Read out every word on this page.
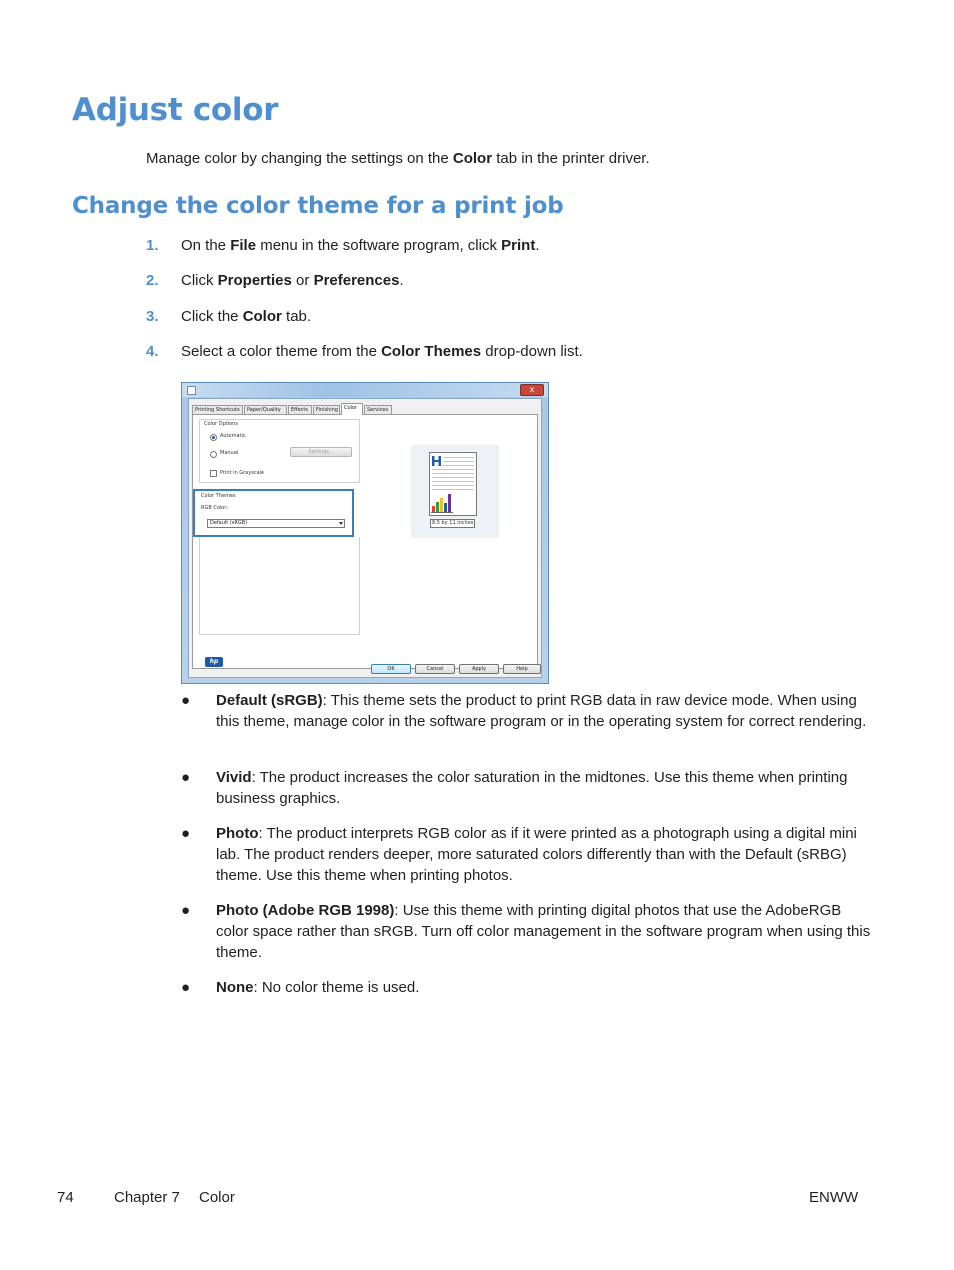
Adjust color

Manage color by changing the settings on the Color tab in the printer driver.

Change the color theme for a print job
1. On the File menu in the software program, click Print.
2. Click Properties or Preferences.
3. Click the Color tab.
4. Select a color theme from the Color Themes drop-down list.
x
Printing Shortcuts	Paper/Quality	Effects	Finishing	Color	Services
Color Options
Automatic
Manual	Settings...
Print in Grayscale
Color Themes
RGB Color:
Default (sRGB)	8.5 by 11 inches
hp
OK	Cancel	Apply	Help
●	Default (sRGB): This theme sets the product to print RGB data in raw device mode. When using this theme, manage color in the software program or in the operating system for correct rendering.
●	Vivid: The product increases the color saturation in the midtones. Use this theme when printing business graphics.
●	Photo: The product interprets RGB color as if it were printed as a photograph using a digital mini lab. The product renders deeper, more saturated colors differently than with the Default (sRBG) theme. Use this theme when printing photos.
●	Photo (Adobe RGB 1998): Use this theme with printing digital photos that use the AdobeRGB color space rather than sRGB. Turn off color management in the software program when using this theme.
●	None: No color theme is used.
74	Chapter 7 Color	ENWW
